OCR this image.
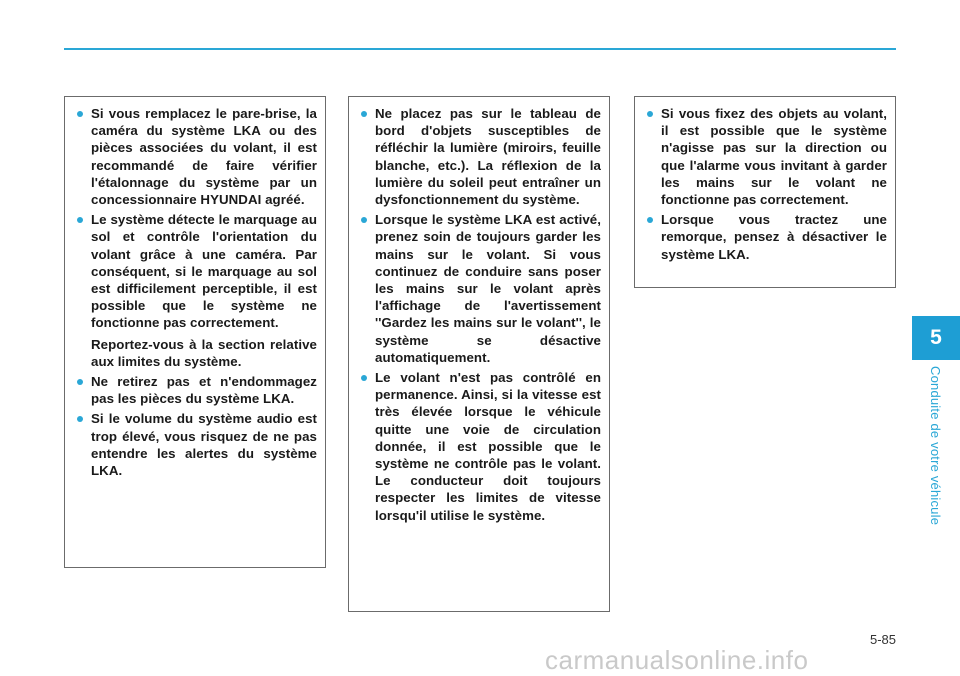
Si vous remplacez le pare-brise, la caméra du système LKA ou des pièces associées du volant, il est recommandé de faire vérifier l'étalonnage du système par un concessionnaire HYUNDAI agréé.

Le système détecte le marquage au sol et contrôle l'orientation du volant grâce à une caméra. Par conséquent, si le marquage au sol est difficilement perceptible, il est possible que le système ne fonctionne pas correctement.

Reportez-vous à la section relative aux limites du système.

Ne retirez pas et n'endommagez pas les pièces du système LKA.

Si le volume du système audio est trop élevé, vous risquez de ne pas entendre les alertes du système LKA.

Ne placez pas sur le tableau de bord d'objets susceptibles de réfléchir la lumière (miroirs, feuille blanche, etc.). La réflexion de la lumière du soleil peut entraîner un dysfonctionnement du système.

Lorsque le système LKA est activé, prenez soin de toujours garder les mains sur le volant. Si vous continuez de conduire sans poser les mains sur le volant après l'affichage de l'avertissement ''Gardez les mains sur le volant'', le système se désactive automatiquement.

Le volant n'est pas contrôlé en permanence. Ainsi, si la vitesse est très élevée lorsque le véhicule quitte une voie de circulation donnée, il est possible que le système ne contrôle pas le volant. Le conducteur doit toujours respecter les limites de vitesse lorsqu'il utilise le système.

Si vous fixez des objets au volant, il est possible que le système n'agisse pas sur la direction ou que l'alarme vous invitant à garder les mains sur le volant ne fonctionne pas correctement.

Lorsque vous tractez une remorque, pensez à désactiver le système LKA.

5
Conduite de votre véhicule
5-85
carmanualsonline.info
